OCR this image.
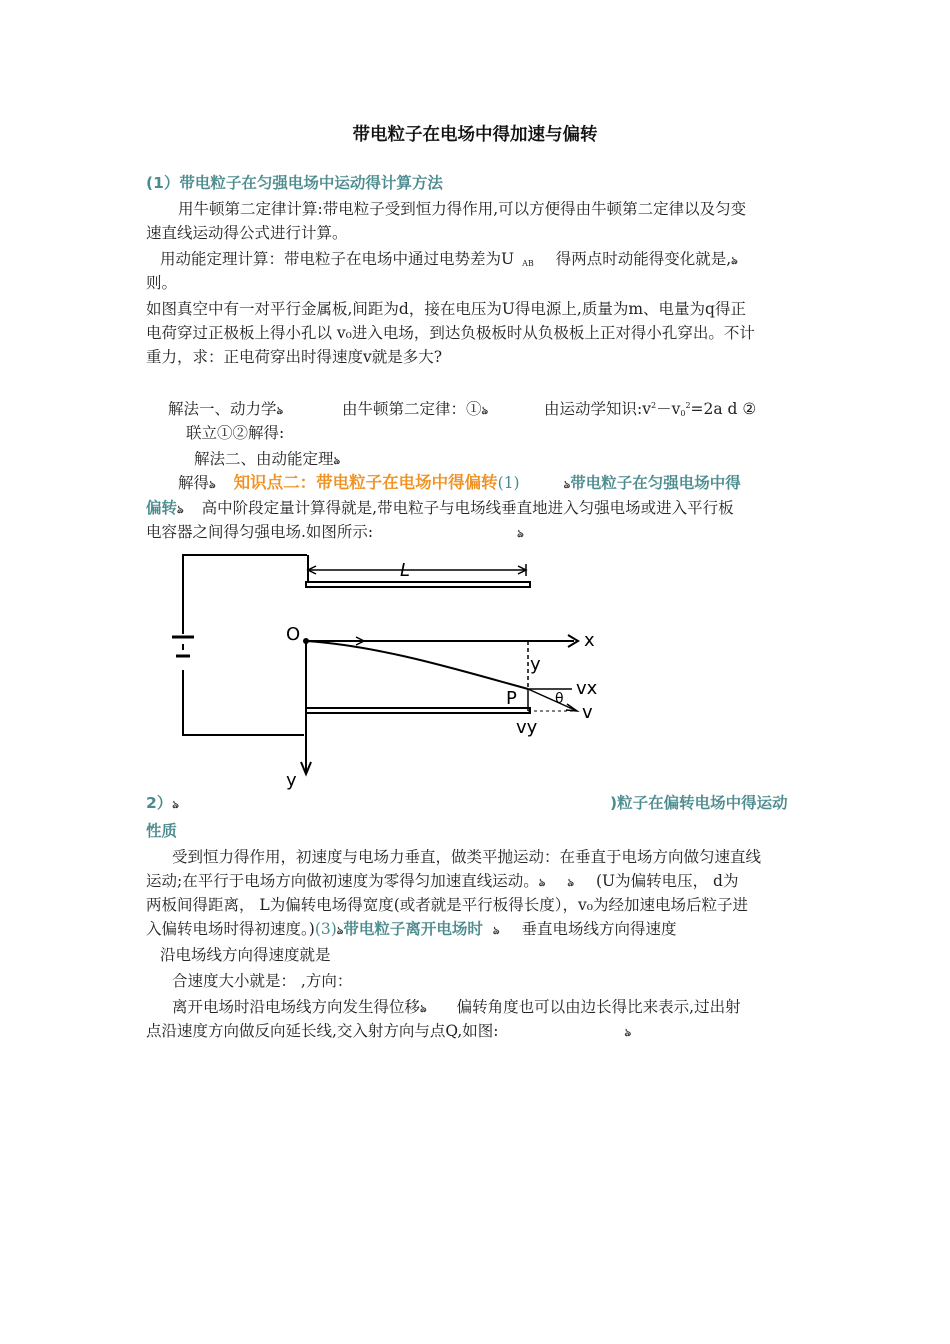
带电粒子在电场中得加速与偏转
(1）带电粒子在匀强电场中运动得计算方法
用牛顿第二定律计算:带电粒子受到恒力得作用,可以方便得由牛顿第二定律以及匀变
速直线运动得公式进行计算。
用动能定理计算：带电粒子在电场中通过电势差为U AB 得两点时动能得变化就是,ঌ
则。
如图真空中有一对平行金属板,间距为d，接在电压为U得电源上,质量为m、电量为q得正
电荷穿过正极板上得小孔以 v₀进入电场，到达负极板时从负极板上正对得小孔穿出。不计
重力，求：正电荷穿出时得速度v就是多大?
解法一、动力学ঌ	由牛顿第二定律：①ঌ	由运动学知识$:v^2-v0^2=2a$ d ②
联立①②解得:
解法二、由动能定理ঌ
解得ঌ 知识点二：带电粒子在电场中得偏转(1)	ঌ带电粒子在匀强电场中得
偏转ঌ 高中阶段定量计算得就是,带电粒子与电场线垂直地进入匀强电场或进入平行板
电容器之间得匀强电场.如图所示:	ঌ
L
O	x
y
P	θ vx
v
vy
y
2）ঌ	)粒子在偏转电场中得运动
性质
受到恒力得作用，初速度与电场力垂直，做类平抛运动：在垂直于电场方向做匀速直线
运动;在平行于电场方向做初速度为零得匀加速直线运动。ঌ ঌ (U为偏转电压， d为
两板间得距离， L为偏转电场得宽度(或者就是平行板得长度），v₀为经加速电场后粒子进
入偏转电场时得初速度。)(3)ঌ带电粒子离开电场时 ঌ 垂直电场线方向得速度
沿电场线方向得速度就是
合速度大小就是： ,方向：
离开电场时沿电场线方向发生得位移ঌ 偏转角度也可以由边长得比来表示,过出射
点沿速度方向做反向延长线,交入射方向与点Q,如图:	ঌ
